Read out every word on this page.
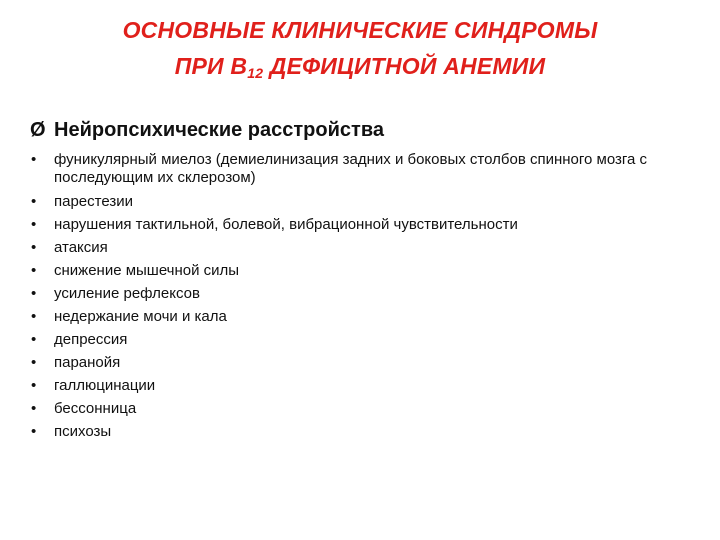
ОСНОВНЫЕ КЛИНИЧЕСКИЕ СИНДРОМЫ
ПРИ $В_{12}$ ДЕФИЦИТНОЙ АНЕМИИ
Ø Нейропсихические расстройства
•	фуникулярный миелоз (демиелинизация задних и боковых столбов спинного мозга с последующим их склерозом)
•	парестезии
•	нарушения тактильной, болевой, вибрационной чувствительности
•	атаксия
•	снижение мышечной силы
•	усиление рефлексов
•	недержание мочи и кала
•	депрессия
•	паранойя
•	галлюцинации
•	бессонница
•	психозы
